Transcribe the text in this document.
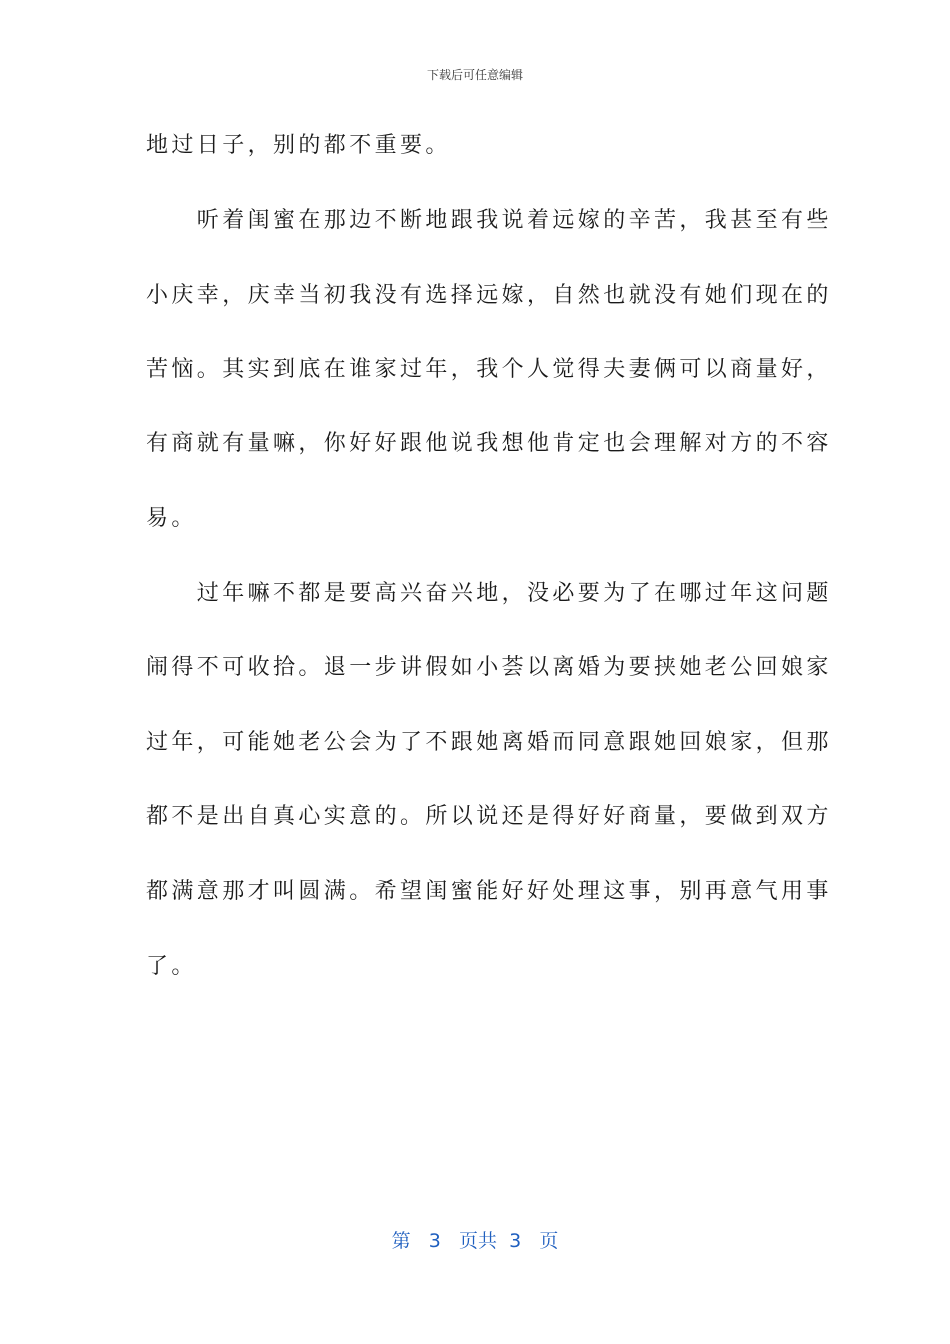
下载后可任意编辑
地过日子，别的都不重要。
　　听着闺蜜在那边不断地跟我说着远嫁的辛苦，我甚至有些
小庆幸，庆幸当初我没有选择远嫁，自然也就没有她们现在的
苦恼。其实到底在谁家过年，我个人觉得夫妻俩可以商量好，
有商就有量嘛，你好好跟他说我想他肯定也会理解对方的不容
易。
　　过年嘛不都是要高兴奋兴地，没必要为了在哪过年这问题
闹得不可收拾。退一步讲假如小荟以离婚为要挟她老公回娘家
过年，可能她老公会为了不跟她离婚而同意跟她回娘家，但那
都不是出自真心实意的。所以说还是得好好商量，要做到双方
都满意那才叫圆满。希望闺蜜能好好处理这事，别再意气用事
了。
第 3 页共 3 页
